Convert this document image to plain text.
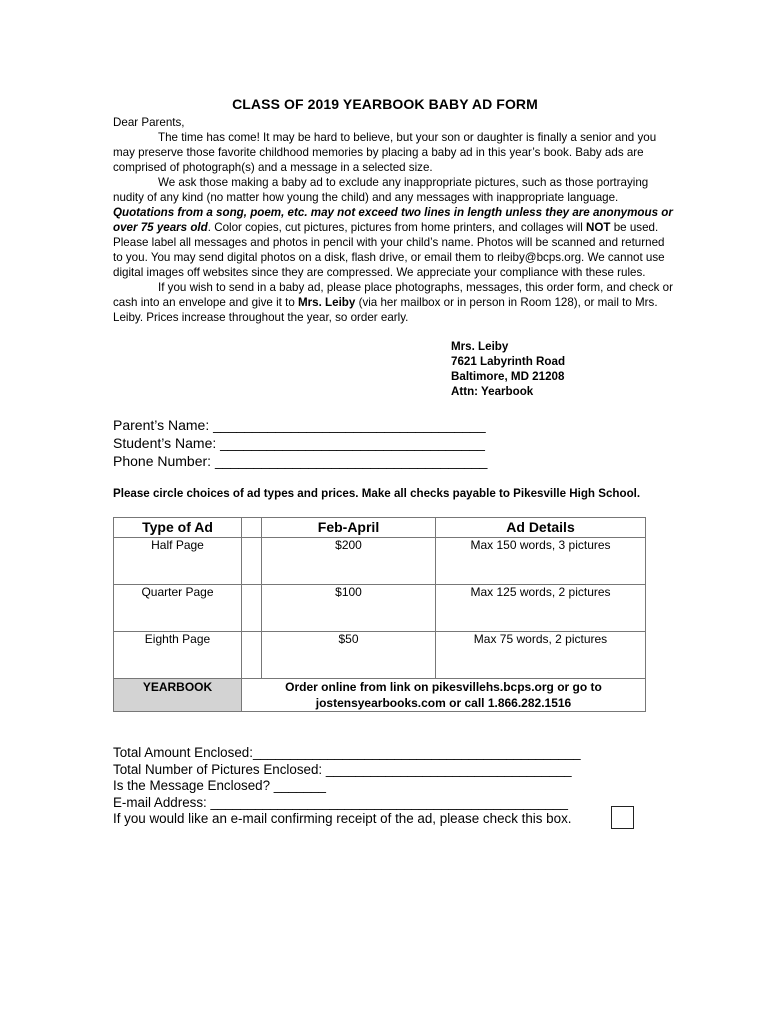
CLASS OF 2019 YEARBOOK BABY AD FORM

Dear Parents,

The time has come! It may be hard to believe, but your son or daughter is finally a senior and you may preserve those favorite childhood memories by placing a baby ad in this year’s book. Baby ads are comprised of photograph(s) and a message in a selected size.

We ask those making a baby ad to exclude any inappropriate pictures, such as those portraying nudity of any kind (no matter how young the child) and any messages with inappropriate language. Quotations from a song, poem, etc. may not exceed two lines in length unless they are anonymous or over 75 years old. Color copies, cut pictures, pictures from home printers, and collages will NOT be used. Please label all messages and photos in pencil with your child’s name. Photos will be scanned and returned to you. You may send digital photos on a disk, flash drive, or email them to rleiby@bcps.org. We cannot use digital images off websites since they are compressed. We appreciate your compliance with these rules.

If you wish to send in a baby ad, please place photographs, messages, this order form, and check or cash into an envelope and give it to Mrs. Leiby (via her mailbox or in person in Room 128), or mail to Mrs. Leiby. Prices increase throughout the year, so order early.

Mrs. Leiby
7621 Labyrinth Road
Baltimore, MD 21208
Attn: Yearbook
Parent’s Name: ___________________________________
Student’s Name: __________________________________
Phone Number: ___________________________________
Please circle choices of ad types and prices. Make all checks payable to Pikesville High School.
Type of Ad		Feb-April	Ad Details
Half Page		$200	Max 150 words, 3 pictures
Quarter Page		$100	Max 125 words, 2 pictures
Eighth Page		$50	Max 75 words, 2 pictures
YEARBOOK	Order online from link on pikesvillehs.bcps.org or go to jostensyearbooks.com or call 1.866.282.1516		
Total Amount Enclosed:____________________________________________
Total Number of Pictures Enclosed: _________________________________
Is the Message Enclosed? _______
E-mail Address: ________________________________________________
If you would like an e-mail confirming receipt of the ad, please check this box.
